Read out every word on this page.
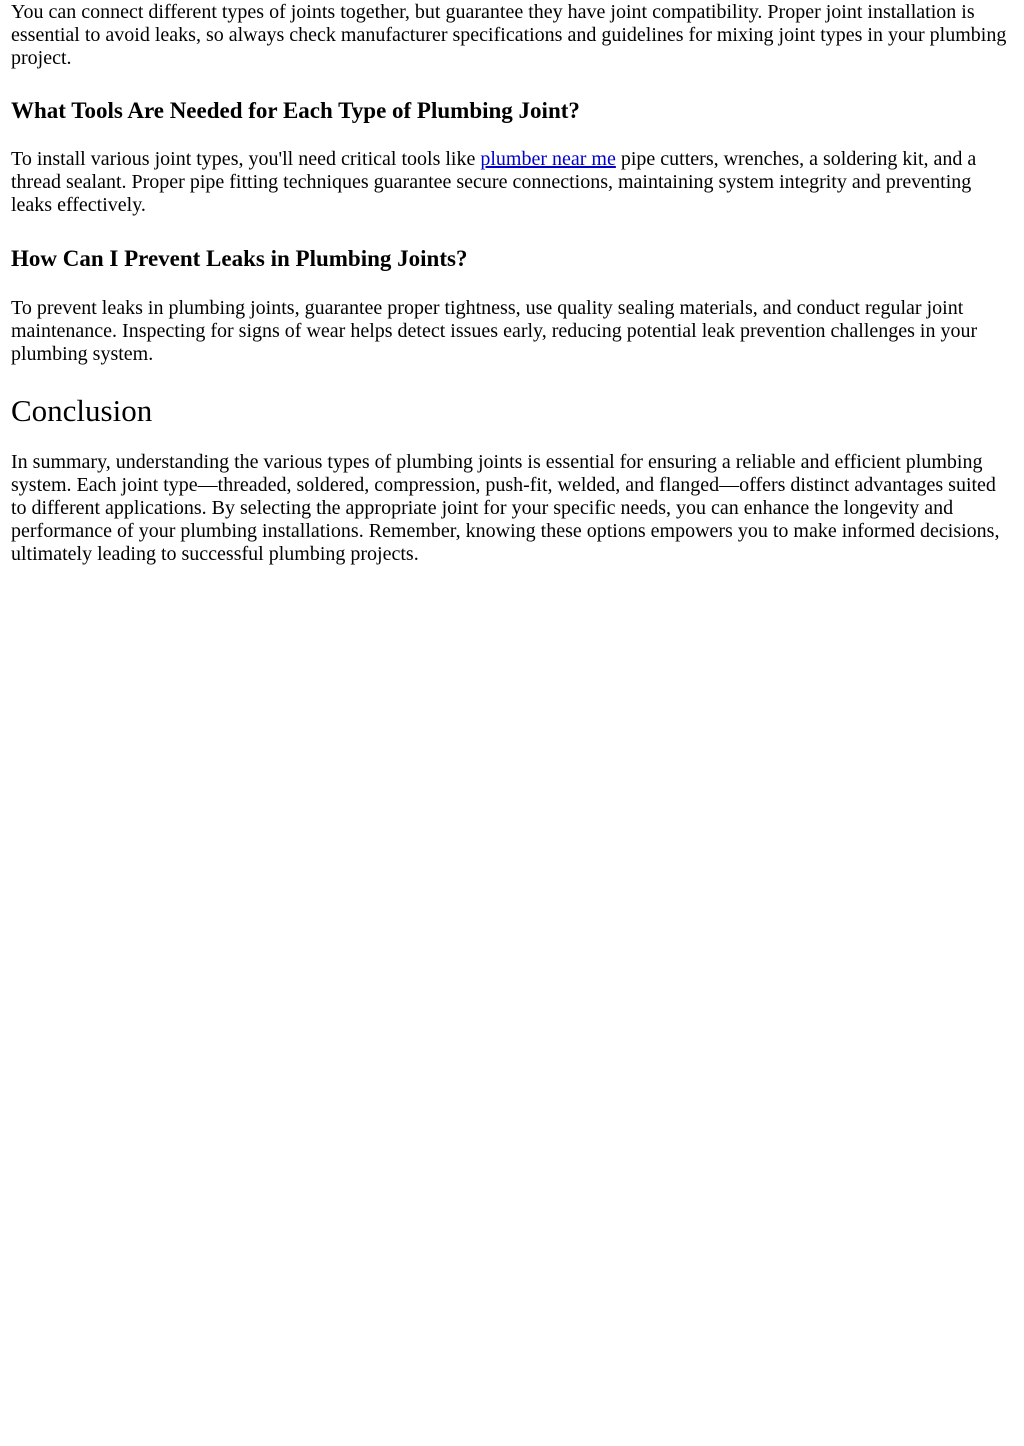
You can connect different types of joints together, but guarantee they have joint compatibility. Proper joint installation is essential to avoid leaks, so always check manufacturer specifications and guidelines for mixing joint types in your plumbing project.

What Tools Are Needed for Each Type of Plumbing Joint?

To install various joint types, you'll need critical tools like plumber near me pipe cutters, wrenches, a soldering kit, and a thread sealant. Proper pipe fitting techniques guarantee secure connections, maintaining system integrity and preventing leaks effectively.

How Can I Prevent Leaks in Plumbing Joints?

To prevent leaks in plumbing joints, guarantee proper tightness, use quality sealing materials, and conduct regular joint maintenance. Inspecting for signs of wear helps detect issues early, reducing potential leak prevention challenges in your plumbing system.

Conclusion

In summary, understanding the various types of plumbing joints is essential for ensuring a reliable and efficient plumbing system. Each joint type—threaded, soldered, compression, push-fit, welded, and flanged—offers distinct advantages suited to different applications. By selecting the appropriate joint for your specific needs, you can enhance the longevity and performance of your plumbing installations. Remember, knowing these options empowers you to make informed decisions, ultimately leading to successful plumbing projects.
